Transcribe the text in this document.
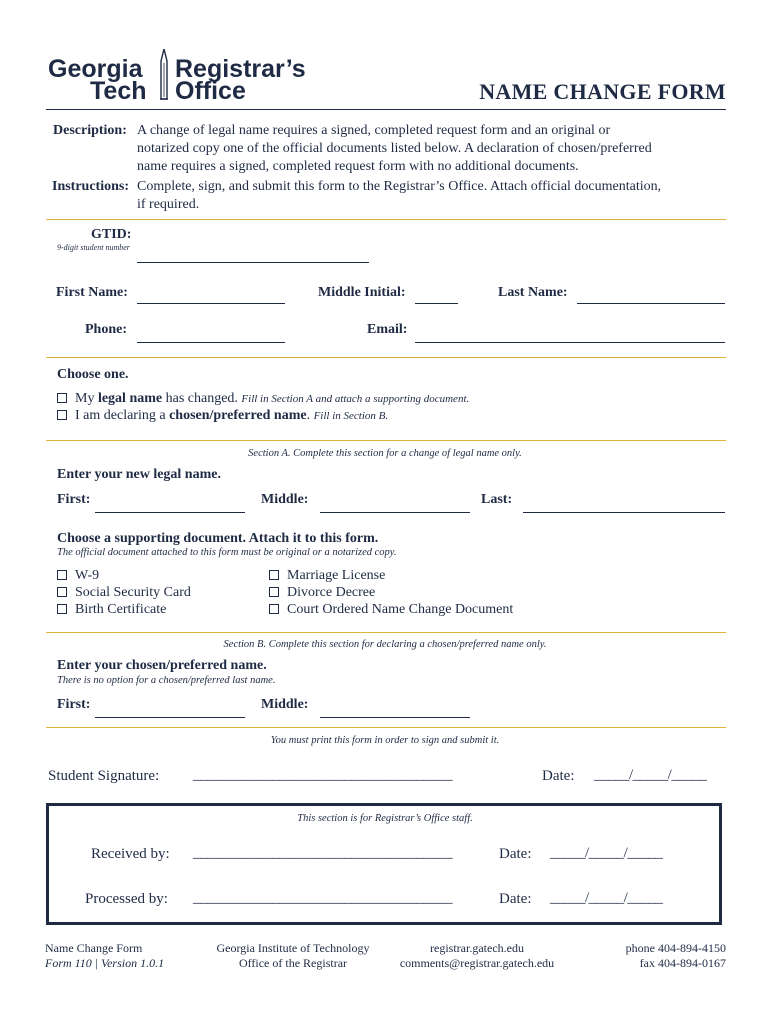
Georgia
Tech
Registrar’s
Office	NAME CHANGE FORM
Description: A change of legal name requires a signed, completed request form and an original or
notarized copy one of the official documents listed below. A declaration of chosen/preferred
name requires a signed, completed request form with no additional documents.
Instructions: Complete, sign, and submit this form to the Registrar’s Office. Attach official documentation,
if required.
GTID:
9-digit student number
First Name:	Middle Initial:	Last Name:
Phone:	Email:
Choose one.
My legal name has changed. Fill in Section A and attach a supporting document.
I am declaring a chosen/preferred name. Fill in Section B.
Section A. Complete this section for a change of legal name only.
Enter your new legal name.
First:	Middle:	Last:
Choose a supporting document. Attach it to this form.
The official document attached to this form must be original or a notarized copy.
W-9
Social Security Card
Birth Certificate
Marriage License
Divorce Decree
Court Ordered Name Change Document
Section B. Complete this section for declaring a chosen/preferred name only.
Enter your chosen/preferred name.
There is no option for a chosen/preferred last name.
First:	Middle:
You must print this form in order to sign and submit it.
Student Signature: ____________________________________	Date: _____/_____/_____
This section is for Registrar’s Office staff.
Received by: ____________________________________	Date: _____/_____/_____
Processed by: ____________________________________	Date: _____/_____/_____
Name Change Form
Form 110 | Version 1.0.1
Georgia Institute of Technology
Office of the Registrar
registrar.gatech.edu
comments@registrar.gatech.edu
phone 404-894-4150
fax 404-894-0167
